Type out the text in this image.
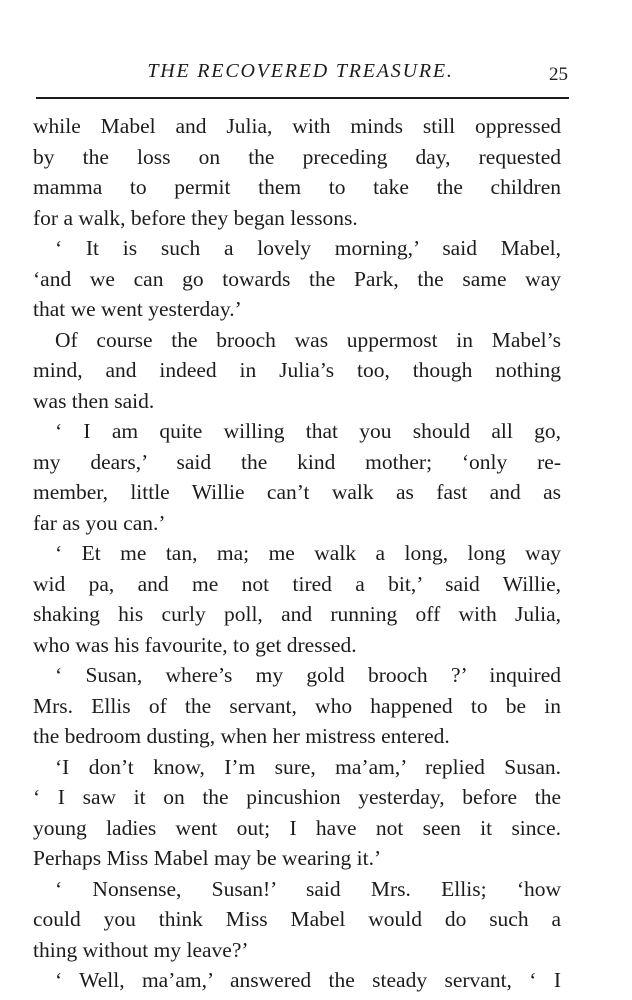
THE RECOVERED TREASURE.	25
while Mabel and Julia, with minds still oppressed
by the loss on the preceding day, requested
mamma to permit them to take the children
for a walk, before they began lessons.
‘ It is such a lovely morning,’ said Mabel,
‘and we can go towards the Park, the same way
that we went yesterday.’
Of course the brooch was uppermost in Mabel’s
mind, and indeed in Julia’s too, though nothing
was then said.
‘ I am quite willing that you should all go,
my dears,’ said the kind mother; ‘only re-
member, little Willie can’t walk as fast and as
far as you can.’
‘ Et me tan, ma; me walk a long, long way
wid pa, and me not tired a bit,’ said Willie,
shaking his curly poll, and running off with Julia,
who was his favourite, to get dressed.
‘ Susan, where’s my gold brooch ?’ inquired
Mrs. Ellis of the servant, who happened to be in
the bedroom dusting, when her mistress entered.
‘I don’t know, I’m sure, ma’am,’ replied Susan.
‘ I saw it on the pincushion yesterday, before the
young ladies went out; I have not seen it since.
Perhaps Miss Mabel may be wearing it.’
‘ Nonsense, Susan!’ said Mrs. Ellis; ‘how
could you think Miss Mabel would do such a
thing without my leave?’
‘ Well, ma’am,’ answered the steady servant, ‘ I
